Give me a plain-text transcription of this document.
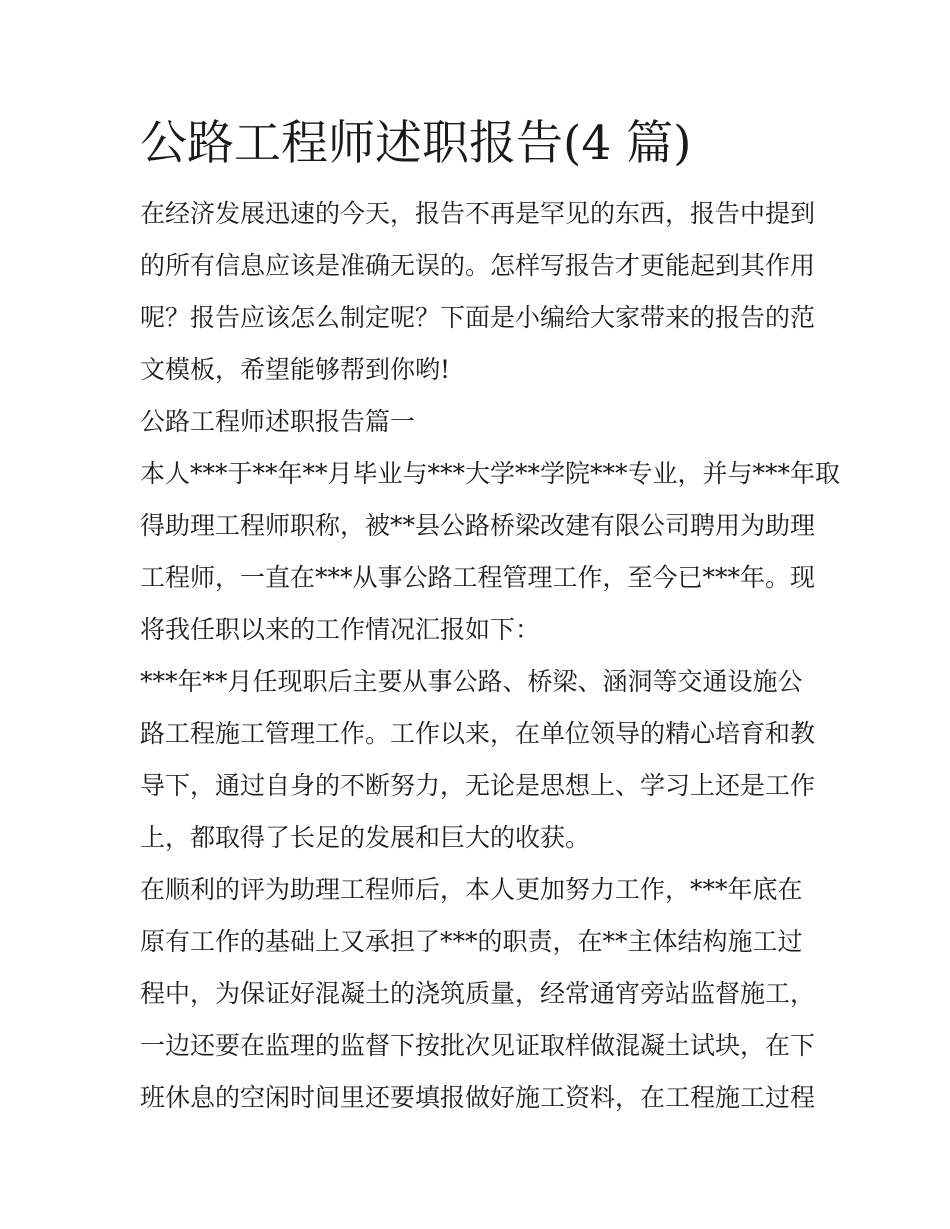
公路工程师述职报告(4 篇)

在经济发展迅速的今天，报告不再是罕见的东西，报告中提到

的所有信息应该是准确无误的。怎样写报告才更能起到其作用

呢？报告应该怎么制定呢？下面是小编给大家带来的报告的范

文模板，希望能够帮到你哟!

公路工程师述职报告篇一

本人***于**年**月毕业与***大学**学院***专业，并与***年取

得助理工程师职称，被**县公路桥梁改建有限公司聘用为助理

工程师，一直在***从事公路工程管理工作，至今已***年。现

将我任职以来的工作情况汇报如下：

***年**月任现职后主要从事公路、桥梁、涵洞等交通设施公

路工程施工管理工作。工作以来，在单位领导的精心培育和教

导下，通过自身的不断努力，无论是思想上、学习上还是工作

上，都取得了长足的发展和巨大的收获。

在顺利的评为助理工程师后，本人更加努力工作，***年底在

原有工作的基础上又承担了***的职责，在**主体结构施工过

程中，为保证好混凝土的浇筑质量，经常通宵旁站监督施工，

一边还要在监理的监督下按批次见证取样做混凝土试块，在下

班休息的空闲时间里还要填报做好施工资料，在工程施工过程
